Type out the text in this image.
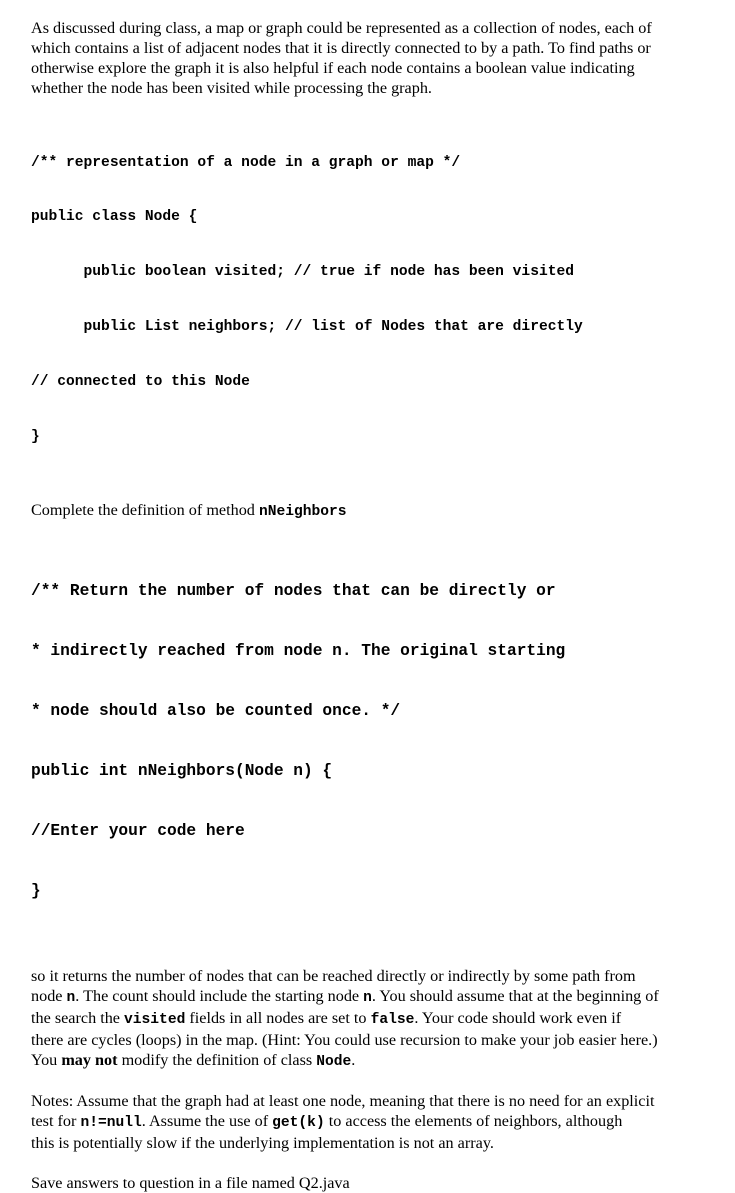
As discussed during class, a map or graph could be represented as a collection of nodes, each of
which contains a list of adjacent nodes that it is directly connected to by a path. To find paths or
otherwise explore the graph it is also helpful if each node contains a boolean value indicating
whether the node has been visited while processing the graph.

/** representation of a node in a graph or map */

public class Node {

public boolean visited; // true if node has been visited

public List neighbors; // list of Nodes that are directly

// connected to this Node

}

Complete the definition of method nNeighbors

/** Return the number of nodes that can be directly or

* indirectly reached from node n. The original starting

* node should also be counted once. */

public int nNeighbors(Node n) {

//Enter your code here

}

so it returns the number of nodes that can be reached directly or indirectly by some path from
node n. The count should include the starting node n. You should assume that at the beginning of
the search the visited fields in all nodes are set to false. Your code should work even if
there are cycles (loops) in the map. (Hint: You could use recursion to make your job easier here.)
You may not modify the definition of class Node.
Notes: Assume that the graph had at least one node, meaning that there is no need for an explicit
test for n!=null. Assume the use of get(k) to access the elements of neighbors, although
this is potentially slow if the underlying implementation is not an array.
Save answers to question in a file named Q2.java
